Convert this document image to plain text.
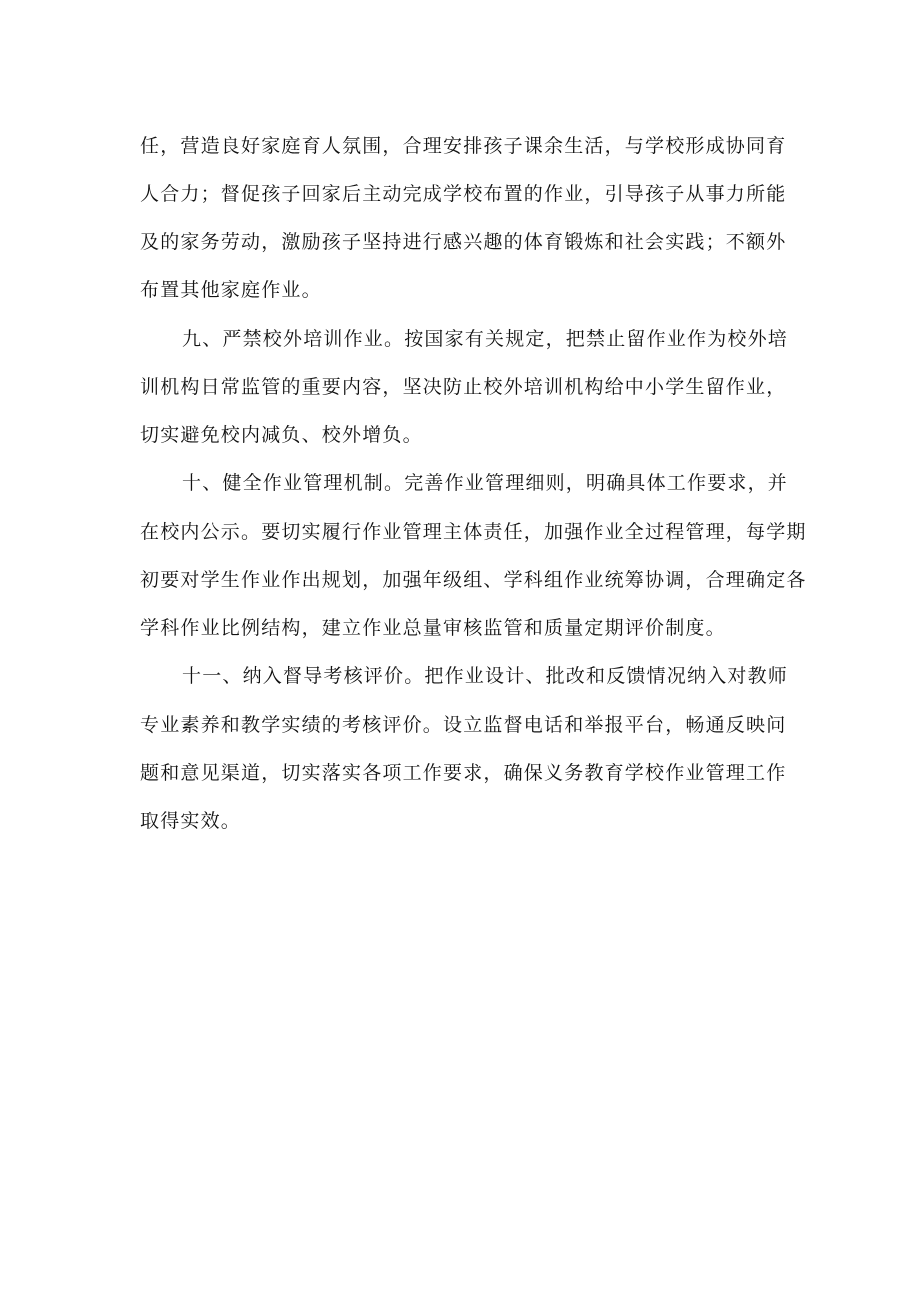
任，营造良好家庭育人氛围，合理安排孩子课余生活，与学校形成协同育
人合力；督促孩子回家后主动完成学校布置的作业，引导孩子从事力所能
及的家务劳动，激励孩子坚持进行感兴趣的体育锻炼和社会实践；不额外
布置其他家庭作业。
九、严禁校外培训作业。按国家有关规定，把禁止留作业作为校外培
训机构日常监管的重要内容，坚决防止校外培训机构给中小学生留作业，
切实避免校内减负、校外增负。
十、健全作业管理机制。完善作业管理细则，明确具体工作要求，并
在校内公示。要切实履行作业管理主体责任，加强作业全过程管理，每学期
初要对学生作业作出规划，加强年级组、学科组作业统筹协调，合理确定各
学科作业比例结构，建立作业总量审核监管和质量定期评价制度。
十一、纳入督导考核评价。把作业设计、批改和反馈情况纳入对教师
专业素养和教学实绩的考核评价。设立监督电话和举报平台，畅通反映问
题和意见渠道，切实落实各项工作要求，确保义务教育学校作业管理工作
取得实效。
